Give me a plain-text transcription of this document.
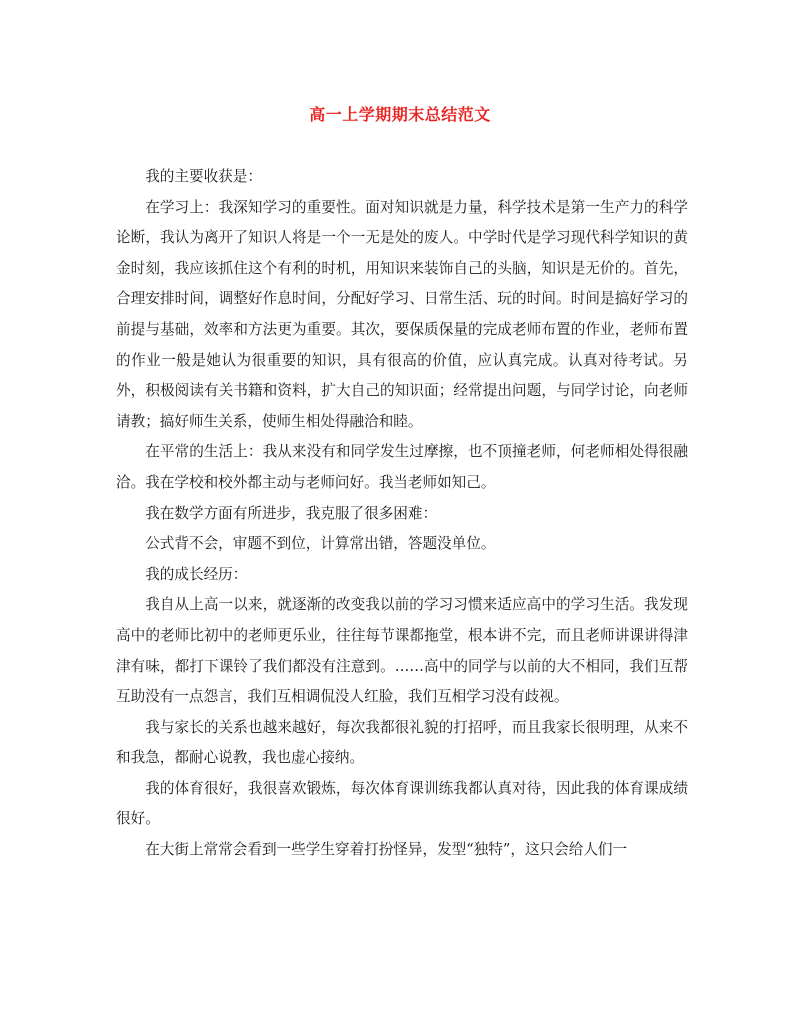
高一上学期期末总结范文

我的主要收获是：

在学习上：我深知学习的重要性。面对知识就是力量，科学技术是第一生产力的科学论断，我认为离开了知识人将是一个一无是处的废人。中学时代是学习现代科学知识的黄金时刻，我应该抓住这个有利的时机，用知识来装饰自己的头脑，知识是无价的。首先，合理安排时间，调整好作息时间，分配好学习、日常生活、玩的时间。时间是搞好学习的前提与基础，效率和方法更为重要。其次，要保质保量的完成老师布置的作业，老师布置的作业一般是她认为很重要的知识，具有很高的价值，应认真完成。认真对待考试。另外，积极阅读有关书籍和资料，扩大自己的知识面；经常提出问题，与同学讨论，向老师请教；搞好师生关系，使师生相处得融洽和睦。

在平常的生活上：我从来没有和同学发生过摩擦，也不顶撞老师，何老师相处得很融洽。我在学校和校外都主动与老师问好。我当老师如知己。

我在数学方面有所进步，我克服了很多困难：

公式背不会，审题不到位，计算常出错，答题没单位。

我的成长经历：

我自从上高一以来，就逐渐的改变我以前的学习习惯来适应高中的学习生活。我发现高中的老师比初中的老师更乐业，往往每节课都拖堂，根本讲不完，而且老师讲课讲得津津有味，都打下课铃了我们都没有注意到。……高中的同学与以前的大不相同，我们互帮互助没有一点怨言，我们互相调侃没人红脸，我们互相学习没有歧视。

我与家长的关系也越来越好，每次我都很礼貌的打招呼，而且我家长很明理，从来不和我急，都耐心说教，我也虚心接纳。

我的体育很好，我很喜欢锻炼，每次体育课训练我都认真对待，因此我的体育课成绩很好。

在大街上常常会看到一些学生穿着打扮怪异，发型“独特”，这只会给人们一
